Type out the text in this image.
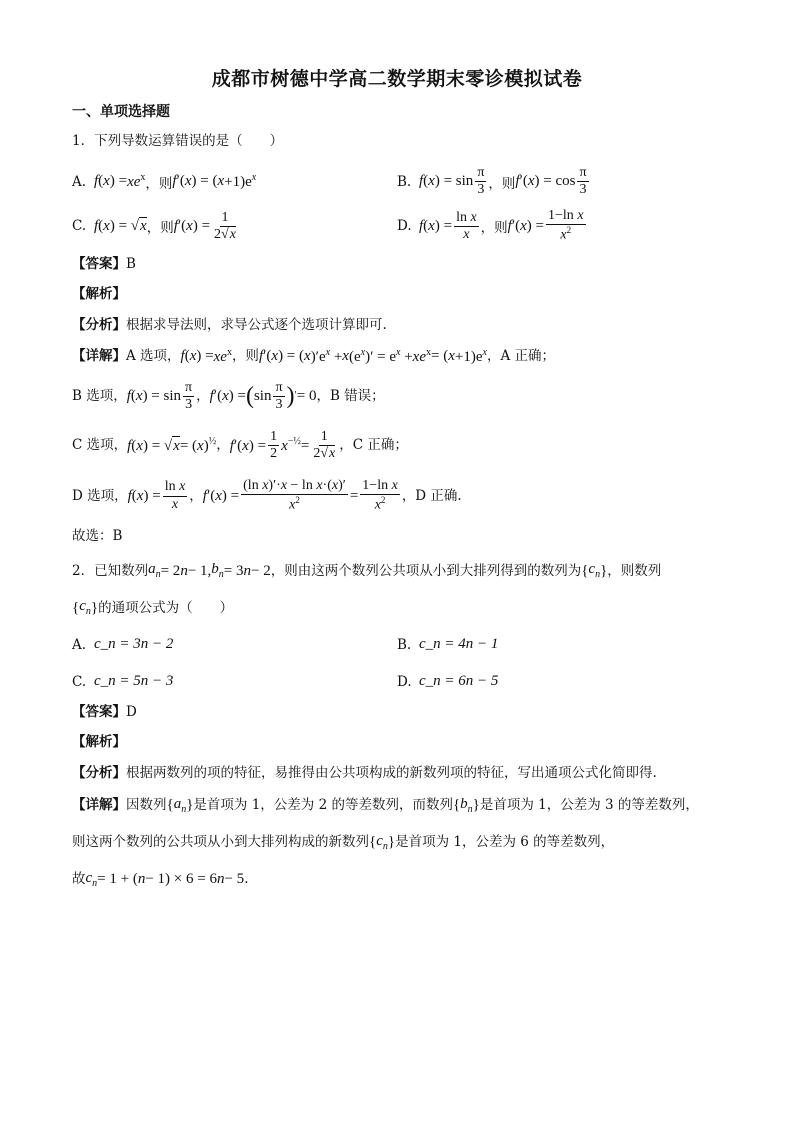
成都市树德中学高二数学期末零诊模拟试卷
一、单项选择题
1．下列导数运算错误的是（　　）
A. f ( x ) = $xe^x$ ，则 f ′( x ) = ( $x +1)e^x$	B. f ( x ) = $\sin \frac{\pi}{3}$ ，则 f ′( x ) = $\cos \frac{\pi}{3}$
C. f ( x ) = √ x ，则 f ′( x ) = $\frac{1}{2√x}$	D. f ( x ) = $\frac{\text{ln x}}{x}$ ，则 f ′( x ) = $\frac{\text{1−ln x}}{x^2}$
【答案】 B
【解析】
【分析】 根据求导法则，求导公式逐个选项计算即可.
【详解】 A 选项， f ( x ) = $xe^x$ ，则 f ′( x ) = ( x )$'e^x + x$ $(e^x)' = e^x + xe^x$ = ( $x +1)e^x$ ，A 正确；
B 选项， f ( x ) = $\sin \frac{\pi}{3}$ ， f ′( x ) = ( $\sin \frac{\pi}{3}$ ) ′ = 0 ，B 错误；
C 选项， f ( x ) = √ x = ( x )$^{\frac{1}{2}}$ ， f ′( x ) = $\frac{1}{2} x^{-\frac{1}{2}} = \frac{1}{2√x}$ ，C 正确；
D 选项， f ( x ) = $\frac{\text{ln x}}{x}$ ， f ′( x ) = $\frac{\text{(ln x)′·x − ln x·(x)′}}{x^2} = \frac{\text{1−ln x}}{x^2}$ ，D 正确.
故选：B
2．已知数列 $a_n = 2$ n − 1, $b_n = 3$ n − 2 ，则由这两个数列公共项从小到大排列得到的数列为 { $c_n$ } ，则数列
{ $c_n$ } 的通项公式为（　　）
A. c_n = 3n − 2	B. c_n = 4n − 1
C. c_n = 5n − 3	D. c_n = 6n − 5
【答案】 D
【解析】
【分析】 根据两数列的项的特征，易推得由公共项构成的新数列项的特征，写出通项公式化简即得.
【详解】 因数列 { $a_n$ } 是首项为 1，公差为 2 的等差数列，而数列 { $b_n$ } 是首项为 1，公差为 3 的等差数列，
则这两个数列的公共项从小到大排列构成的新数列 { $c_n$ } 是首项为 1，公差为 6 的等差数列，
故 $c_n = 1$ + ( n − 1) × 6 = 6 n − 5 .
